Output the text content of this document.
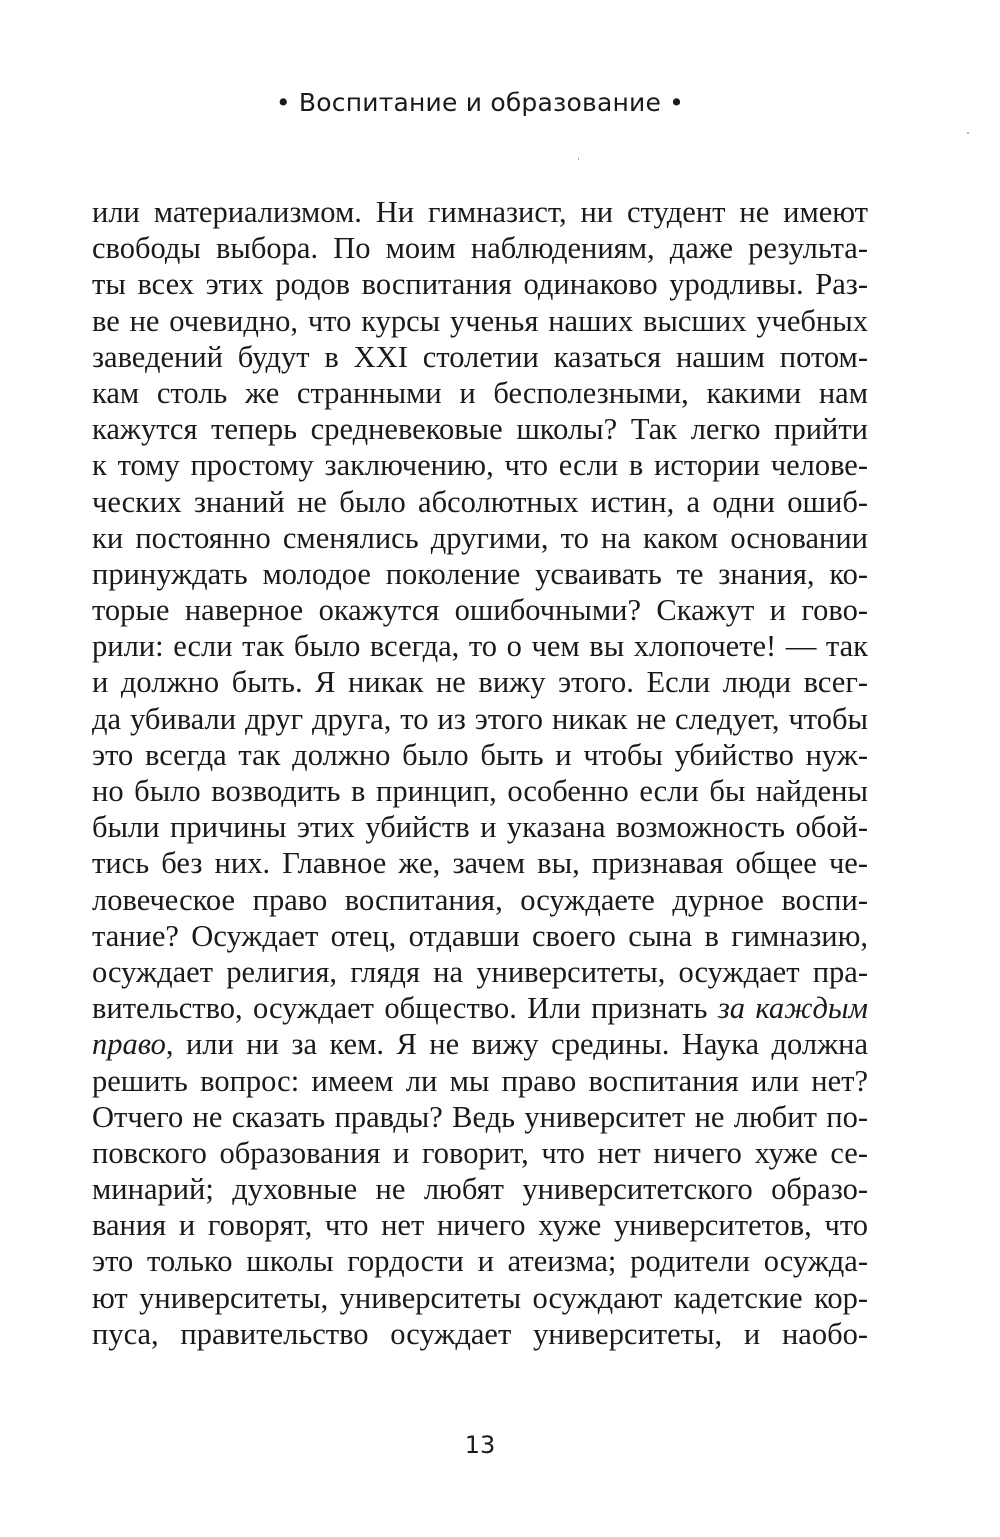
• Воспитание и образование •
или материализмом. Ни гимназист, ни студент не имеют
свободы выбора. По моим наблюдениям, даже результа-
ты всех этих родов воспитания одинаково уродливы. Раз-
ве не очевидно, что курсы ученья наших высших учебных
заведений будут в XXI столетии казаться нашим потом-
кам столь же странными и бесполезными, какими нам
кажутся теперь средневековые школы? Так легко прийти
к тому простому заключению, что если в истории челове-
ческих знаний не было абсолютных истин, а одни ошиб-
ки постоянно сменялись другими, то на каком основании
принуждать молодое поколение усваивать те знания, ко-
торые наверное окажутся ошибочными? Скажут и гово-
рили: если так было всегда, то о чем вы хлопочете! — так
и должно быть. Я никак не вижу этого. Если люди всег-
да убивали друг друга, то из этого никак не следует, чтобы
это всегда так должно было быть и чтобы убийство нуж-
но было возводить в принцип, особенно если бы найдены
были причины этих убийств и указана возможность обой-
тись без них. Главное же, зачем вы, признавая общее че-
ловеческое право воспитания, осуждаете дурное воспи-
тание? Осуждает отец, отдавши своего сына в гимназию,
осуждает религия, глядя на университеты, осуждает пра-
вительство, осуждает общество. Или признать за каждым
право, или ни за кем. Я не вижу средины. Наука должна
решить вопрос: имеем ли мы право воспитания или нет?
Отчего не сказать правды? Ведь университет не любит по-
повского образования и говорит, что нет ничего хуже се-
минарий; духовные не любят университетского образо-
вания и говорят, что нет ничего хуже университетов, что
это только школы гордости и атеизма; родители осужда-
ют университеты, университеты осуждают кадетские кор-
пуса, правительство осуждает университеты, и наобо-
13
